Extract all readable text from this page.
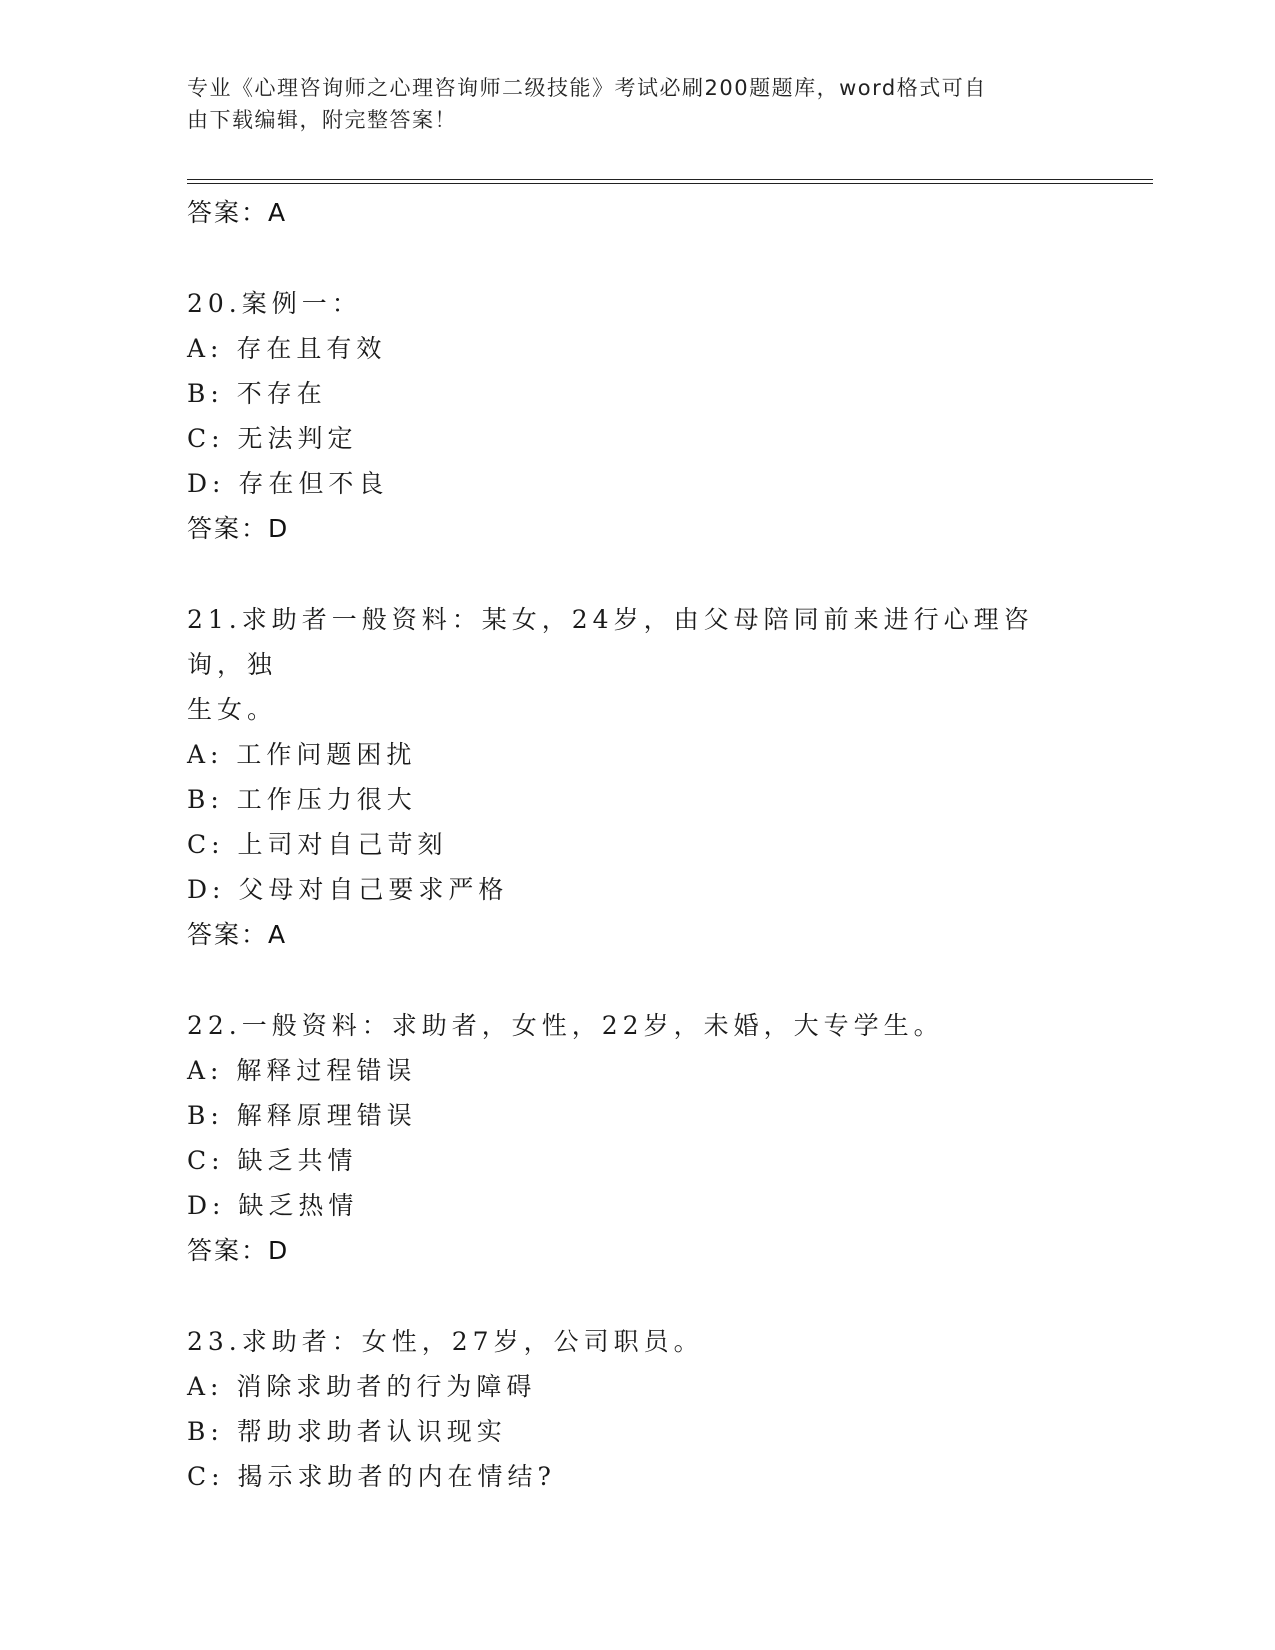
专业《心理咨询师之心理咨询师二级技能》考试必刷200题题库，word格式可自
由下载编辑，附完整答案！
答案：A
20.案例一：
A: 存在且有效
B: 不存在
C: 无法判定
D: 存在但不良
答案：D
21.求助者一般资料：某女，24岁，由父母陪同前来进行心理咨询，独
生女。
A: 工作问题困扰
B: 工作压力很大
C: 上司对自己苛刻
D: 父母对自己要求严格
答案：A
22.一般资料：求助者，女性，22岁，未婚，大专学生。
A: 解释过程错误
B: 解释原理错误
C: 缺乏共情
D: 缺乏热情
答案：D
23.求助者：女性，27岁，公司职员。
A: 消除求助者的行为障碍
B: 帮助求助者认识现实
C: 揭示求助者的内在情结?
